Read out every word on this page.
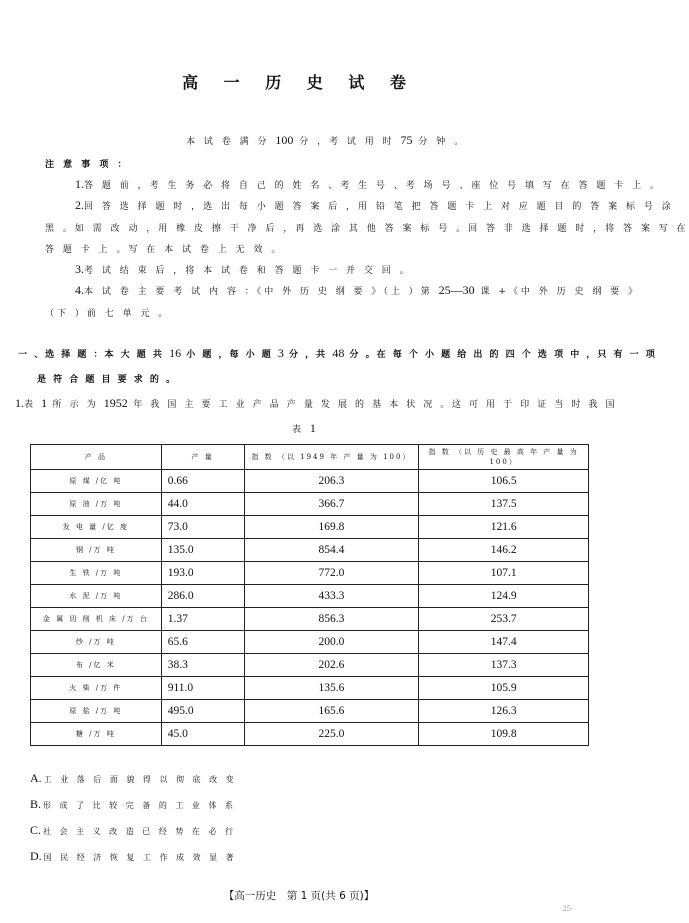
高 一 历 史 试 卷
本 试 卷 满 分 100 分 ，考 试 用 时 75 分 钟 。
注 意 事 项 ：
1.答 题 前 ，考 生 务 必 将 自 己 的 姓 名 、考 生 号 、考 场 号 、座 位 号 填 写 在 答 题 卡 上 。
2.回 答 选 择 题 时 ，选 出 每 小 题 答 案 后 ，用 铅 笔 把 答 题 卡 上 对 应 题 目 的 答 案 标 号 涂
黑 。如 需 改 动 ，用 橡 皮 擦 干 净 后 ，再 选 涂 其 他 答 案 标 号 。回 答 非 选 择 题 时 ，将 答 案 写 在
答 题 卡 上 。写 在 本 试 卷 上 无 效 。
3.考 试 结 束 后 ，将 本 试 卷 和 答 题 卡 一 并 交 回 。
4.本 试 卷 主 要 考 试 内 容 ：《中 外 历 史 纲 要 》（上 ）第 25—30 课 +《中 外 历 史 纲 要 》
（下 ）前 七 单 元 。
一 、选 择 题 ：本 大 题 共 16 小 题 ，每 小 题 3 分 ，共 48 分 。在 每 个 小 题 给 出 的 四 个 选 项 中 ，只 有 一 项
是 符 合 题 目 要 求 的 。
1.表 1 所 示 为 1952 年 我 国 主 要 工 业 产 品 产 量 发 展 的 基 本 状 况 。这 可 用 于 印 证 当 时 我 国
表 1
产 品	产 量	指 数 （以 1949 年 产 量 为 100）	指 数 （以 历 史 最 高 年 产 量 为 100）
原 煤 /亿 吨	0.66	206.3	106.5
原 油 /万 吨	44.0	366.7	137.5
发 电 量 /亿 度	73.0	169.8	121.6
钢 /万 吨	135.0	854.4	146.2
生 铁 /万 吨	193.0	772.0	107.1
水 泥 /万 吨	286.0	433.3	124.9
金 属 切 削 机 床 /万 台	1.37	856.3	253.7
纱 /万 吨	65.6	200.0	147.4
布 /亿 米	38.3	202.6	137.3
火 柴 /万 件	911.0	135.6	105.9
原 盐 /万 吨	495.0	165.6	126.3
糖 /万 吨	45.0	225.0	109.8
A. 工 业 落 后 面 貌 得 以 彻 底 改 变
B. 形 成 了 比 较 完 备 的 工 业 体 系
C. 社 会 主 义 改 造 已 经 势 在 必 行
D. 国 民 经 济 恢 复 工 作 成 效 显 著
【高一历史　第 1 页(共 6 页)】
·25-
